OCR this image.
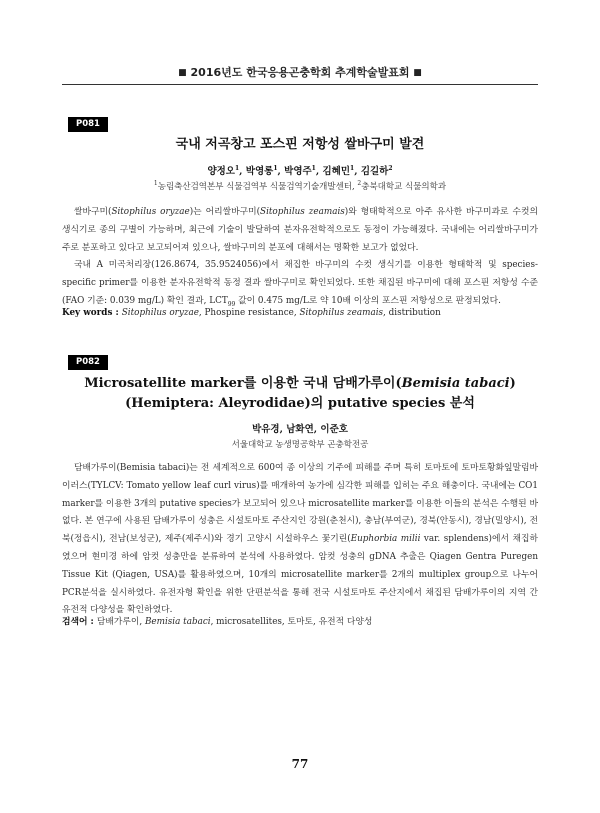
■ 2016년도 한국응용곤충학회 추계학술발표회 ■
P081
국내 저곡창고 포스핀 저항성 쌀바구미 발견
양정오$^1$, 박영롱$^1$, 박영주$^1$, 김혜민$^1$, 김길하$^2$
$^1$농림축산검역본부 식물검역부 식물검역기술개발센터, $^2$충북대학교 식물의학과

쌀바구미(Sitophilus oryzae)는 어리쌀바구미(Sitophilus zeamais)와 형태학적으로 아주 유사한 바구미과로 수컷의 생식기로 종의 구별이 가능하며, 최근에 기술이 발달하여 분자유전학적으로도 동정이 가능해졌다. 국내에는 어리쌀바구미가 주로 분포하고 있다고 보고되어져 있으나, 쌀바구미의 분포에 대해서는 명확한 보고가 없었다.

국내 A 미곡처리장(126.8674, 35.9524056)에서 채집한 바구미의 수컷 생식기를 이용한 형태학적 및 species-specific primer를 이용한 분자유전학적 동정 결과 쌀바구미로 확인되었다. 또한 채집된 바구미에 대해 포스핀 저항성 수준(FAO 기준: 0.039 mg/L) 확인 결과, $LCT_{99}$ 값이 0.475 mg/L로 약 10배 이상의 포스핀 저항성으로 판정되었다.

Key words : Sitophilus oryzae, Phospine resistance, Sitophilus zeamais, distribution
P082
Microsatellite marker를 이용한 국내 담배가루이(Bemisia tabaci)
(Hemiptera: Aleyrodidae)의 putative species 분석
박유경, 남화연, 이준호
서울대학교 농생명공학부 곤충학전공

담배가루이(Bemisia tabaci)는 전 세계적으로 600여 종 이상의 기주에 피해를 주며 특히 토마토에 토마토황화잎말림바이러스(TYLCV: Tomato yellow leaf curl virus)를 매개하여 농가에 심각한 피해를 입히는 주요 해충이다. 국내에는 CO1 marker를 이용한 3개의 putative species가 보고되어 있으나 microsatellite marker를 이용한 이들의 분석은 수행된 바 없다. 본 연구에 사용된 담배가루이 성충은 시설토마토 주산지인 강원(춘천시), 충남(부여군), 경북(안동시), 경남(밀양시), 전북(정읍시), 전남(보성군), 제주(제주시)와 경기 고양시 시설하우스 꽃기린(Euphorbia milii var. splendens)에서 채집하였으며 현미경 하에 암컷 성충만을 분류하여 분석에 사용하였다. 암컷 성충의 gDNA 추출은 Qiagen Gentra Puregen Tissue Kit (Qiagen, USA)를 활용하였으며, 10개의 microsatellite marker를 2개의 multiplex group으로 나누어 PCR분석을 실시하였다. 유전자형 확인을 위한 단편분석을 통해 전국 시설토마토 주산지에서 채집된 담배가루이의 지역 간 유전적 다양성을 확인하였다.

검색어 : 담배가루이, Bemisia tabaci, microsatellites, 토마토, 유전적 다양성
77
